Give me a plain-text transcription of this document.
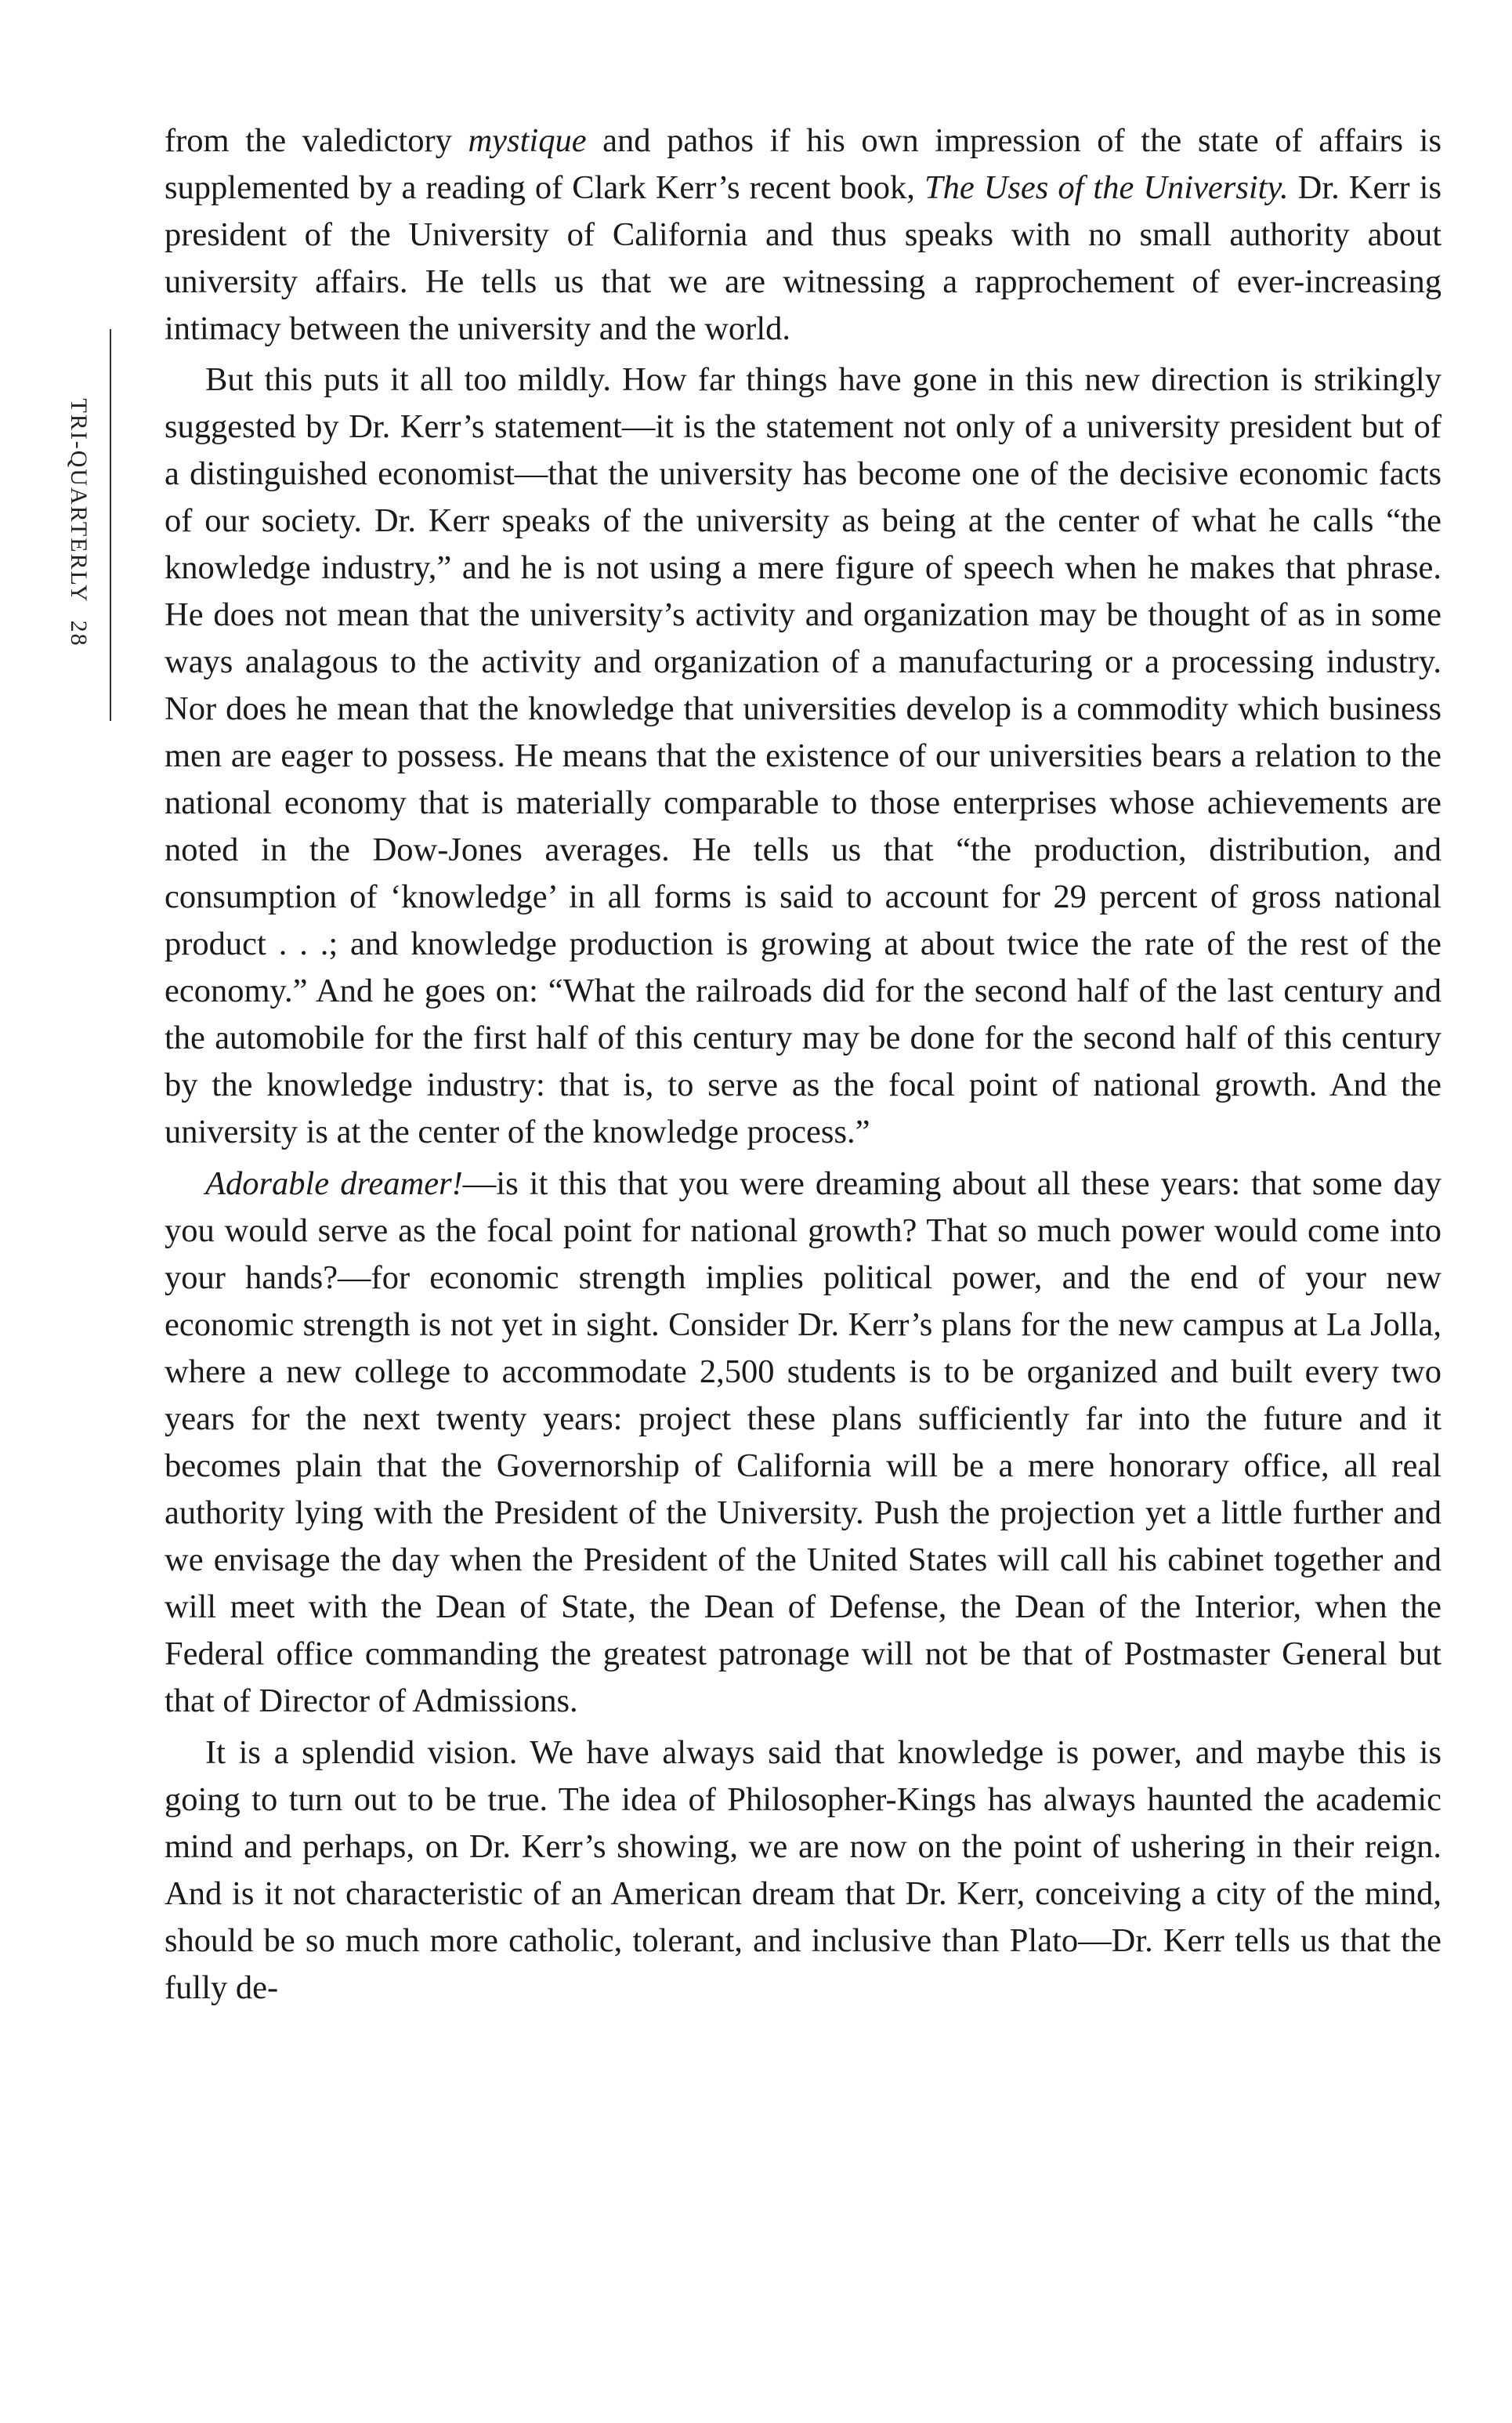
TRI-QUARTERLY28

from the valedictory mystique and pathos if his own impression of the state of affairs is supplemented by a reading of Clark Kerr’s recent book, The Uses of the University. Dr. Kerr is president of the University of California and thus speaks with no small authority about university affairs. He tells us that we are witnessing a rapprochement of ever-increasing intimacy between the university and the world.

But this puts it all too mildly. How far things have gone in this new direction is strikingly suggested by Dr. Kerr’s statement—it is the statement not only of a university president but of a distinguished economist—that the university has become one of the decisive economic facts of our society. Dr. Kerr speaks of the university as being at the center of what he calls “the knowledge industry,” and he is not using a mere figure of speech when he makes that phrase. He does not mean that the university’s activity and organization may be thought of as in some ways analagous to the activity and organization of a manufacturing or a processing industry. Nor does he mean that the knowledge that universities develop is a commodity which business men are eager to possess. He means that the existence of our universities bears a relation to the national economy that is materially comparable to those enterprises whose achievements are noted in the Dow-Jones averages. He tells us that “the production, distribution, and consumption of ‘knowledge’ in all forms is said to account for 29 percent of gross national product . . .; and knowledge production is growing at about twice the rate of the rest of the economy.” And he goes on: “What the railroads did for the second half of the last century and the automobile for the first half of this century may be done for the second half of this century by the knowledge industry: that is, to serve as the focal point of national growth. And the university is at the center of the knowledge process.”

Adorable dreamer!—is it this that you were dreaming about all these years: that some day you would serve as the focal point for national growth? That so much power would come into your hands?—for economic strength implies political power, and the end of your new economic strength is not yet in sight. Consider Dr. Kerr’s plans for the new campus at La Jolla, where a new college to accommodate 2,500 students is to be organized and built every two years for the next twenty years: project these plans sufficiently far into the future and it becomes plain that the Governorship of California will be a mere honorary office, all real authority lying with the President of the University. Push the projection yet a little further and we envisage the day when the President of the United States will call his cabinet together and will meet with the Dean of State, the Dean of Defense, the Dean of the Interior, when the Federal office commanding the greatest patronage will not be that of Postmaster General but that of Director of Admissions.

It is a splendid vision. We have always said that knowledge is power, and maybe this is going to turn out to be true. The idea of Philosopher-Kings has always haunted the academic mind and perhaps, on Dr. Kerr’s showing, we are now on the point of ushering in their reign. And is it not characteristic of an American dream that Dr. Kerr, conceiving a city of the mind, should be so much more catholic, tolerant, and inclusive than Plato—Dr. Kerr tells us that the fully de-
